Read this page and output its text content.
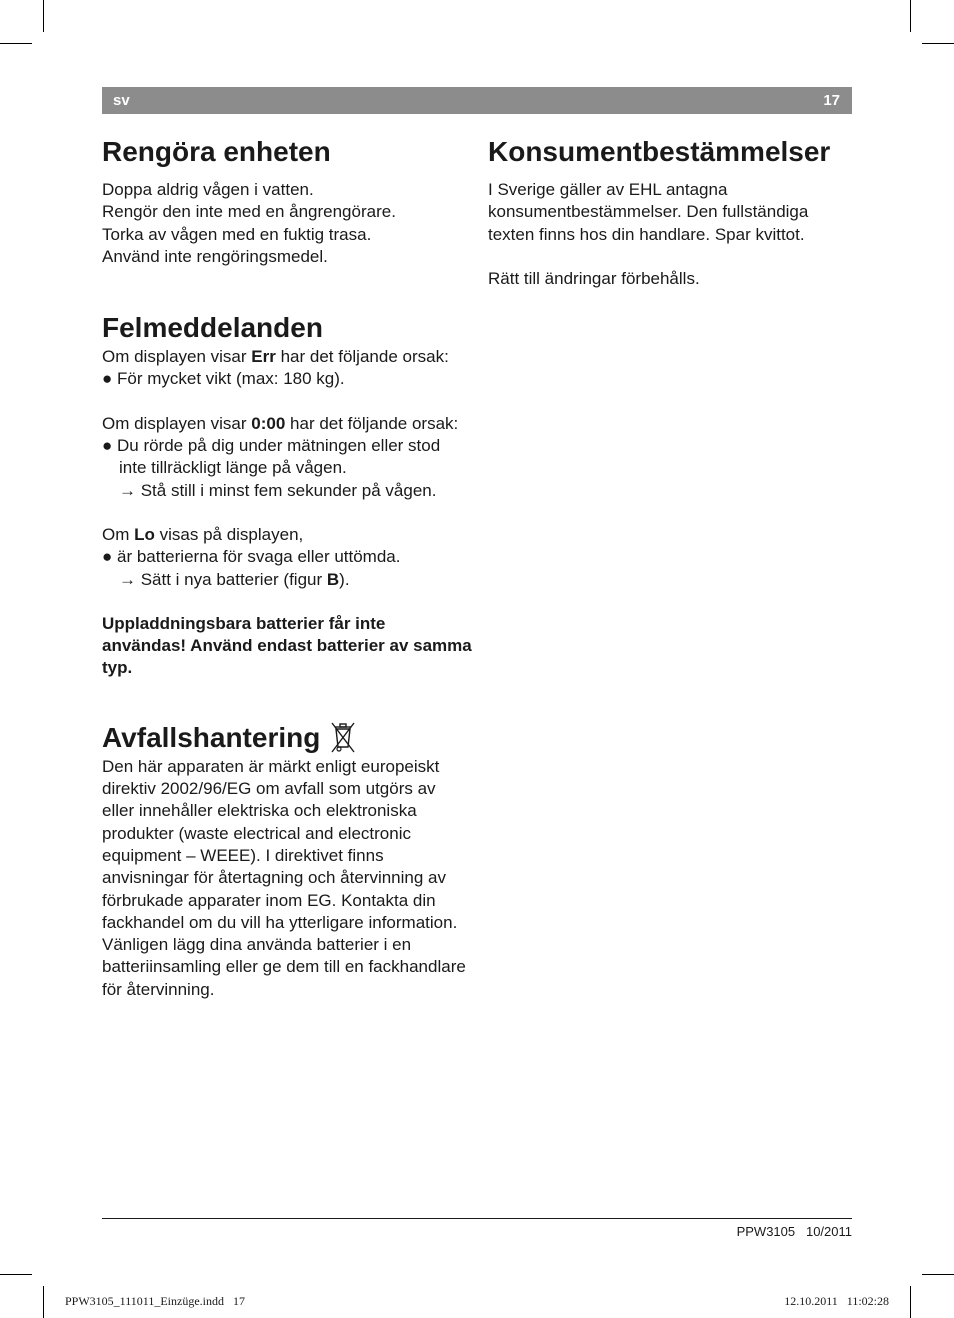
sv	17
Rengöra enheten

Doppa aldrig vågen i vatten.

Rengör den inte med en ångrengörare.

Torka av vågen med en fuktig trasa.

Använd inte rengöringsmedel.

Felmeddelanden

Om displayen visar Err har det följande orsak:

● För mycket vikt (max: 180 kg).

Om displayen visar 0:00 har det följande orsak:

● Du rörde på dig under mätningen eller stod inte tillräckligt länge på vågen.
→ Stå still i minst fem sekunder på vågen.

Om Lo visas på displayen,

● är batterierna för svaga eller uttömda.
→ Sätt i nya batterier (figur B).

Uppladdningsbara batterier får inte användas! Använd endast batterier av samma typ.

Avfallshantering

Den här apparaten är märkt enligt europeiskt direktiv 2002/96/EG om avfall som utgörs av eller innehåller elektriska och elektroniska produkter (waste electrical and electronic equipment – WEEE). I direktivet finns anvisningar för återtagning och återvinning av förbrukade apparater inom EG. Kontakta din fackhandel om du vill ha ytterligare information.

Vänligen lägg dina använda batterier i en batteriinsamling eller ge dem till en fackhandlare för återvinning.

Konsumentbestämmelser

I Sverige gäller av EHL antagna konsumentbestämmelser. Den fullständiga texten finns hos din handlare. Spar kvittot.

Rätt till ändringar förbehålls.

PPW3105   10/2011
PPW3105_111011_Einzüge.indd   17	12.10.2011   11:02:28
